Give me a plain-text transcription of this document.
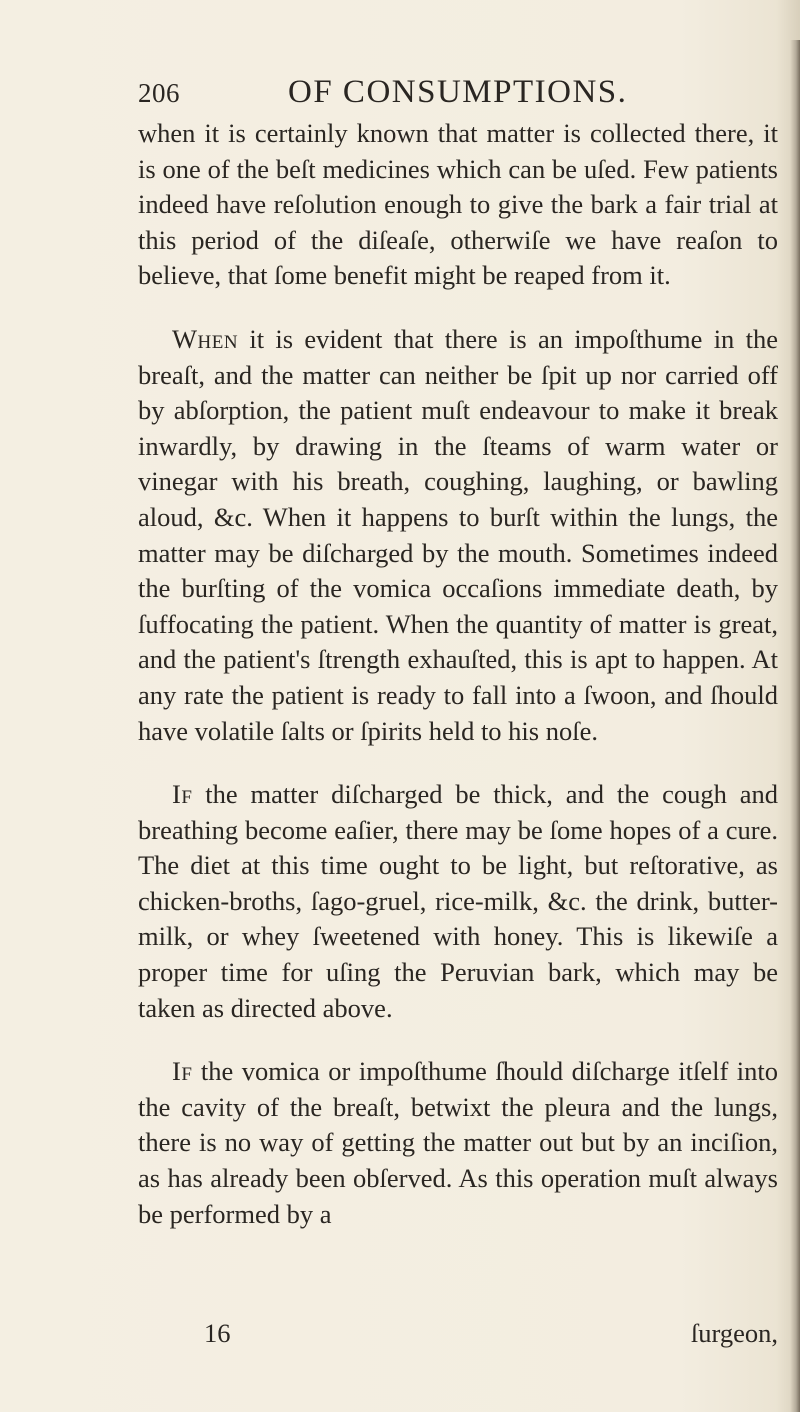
206	OF CONSUMPTIONS.

when it is certainly known that matter is collected there, it is one of the beſt medicines which can be uſed. Few patients indeed have reſolution enough to give the bark a fair trial at this period of the diſeaſe, otherwiſe we have reaſon to believe, that ſome benefit might be reaped from it.

When it is evident that there is an impoſthume in the breaſt, and the matter can neither be ſpit up nor carried off by abſorption, the patient muſt endeavour to make it break inwardly, by drawing in the ſteams of warm water or vinegar with his breath, coughing, laughing, or bawling aloud, &c. When it happens to burſt within the lungs, the matter may be diſcharged by the mouth. Sometimes indeed the burſting of the vomica occaſions immediate death, by ſuffocating the patient. When the quantity of matter is great, and the patient's ſtrength exhauſted, this is apt to happen. At any rate the patient is ready to fall into a ſwoon, and ſhould have volatile ſalts or ſpirits held to his noſe.

If the matter diſcharged be thick, and the cough and breathing become eaſier, there may be ſome hopes of a cure. The diet at this time ought to be light, but reſtorative, as chicken-broths, ſago-gruel, rice-milk, &c. the drink, butter-milk, or whey ſweetened with honey. This is likewiſe a proper time for uſing the Peruvian bark, which may be taken as directed above.

If the vomica or impoſthume ſhould diſcharge itſelf into the cavity of the breaſt, betwixt the pleura and the lungs, there is no way of getting the matter out but by an inciſion, as has already been obſerved. As this operation muſt always be performed by a

16	ſurgeon,
